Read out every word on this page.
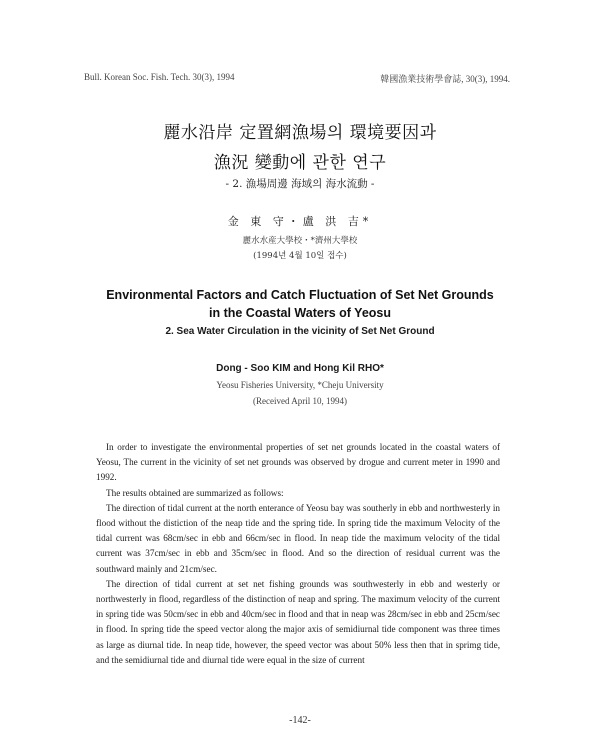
Bull. Korean Soc. Fish. Tech. 30(3), 1994	韓國漁業技術學會誌, 30(3), 1994.
麗水沿岸 定置網漁場의 環境要因과
漁況 變動에 관한 연구
- 2. 漁場周邊 海域의 海水流動 -
金 東 守・盧 洪 吉*
麗水水産大學校・*濟州大學校
(1994년 4월 10일 접수)
Environmental Factors and Catch Fluctuation of Set Net Grounds
in the Coastal Waters of Yeosu
2. Sea Water Circulation in the vicinity of Set Net Ground
Dong - Soo KIM and Hong Kil RHO*
Yeosu Fisheries University, *Cheju University
(Received April 10, 1994)

In order to investigate the environmental properties of set net grounds located in the coastal waters of Yeosu, The current in the vicinity of set net grounds was observed by drogue and current meter in 1990 and 1992.

The results obtained are summarized as follows:

The direction of tidal current at the north enterance of Yeosu bay was southerly in ebb and northwesterly in flood without the distiction of the neap tide and the spring tide. In spring tide the maximum Velocity of the tidal current was 68cm/sec in ebb and 66cm/sec in flood. In neap tide the maximum velocity of the tidal current was 37cm/sec in ebb and 35cm/sec in flood. And so the direction of residual current was the southward mainly and 21cm/sec.

The direction of tidal current at set net fishing grounds was southwesterly in ebb and westerly or northwesterly in flood, regardless of the distinction of neap and spring. The maximum velocity of the current in spring tide was 50cm/sec in ebb and 40cm/sec in flood and that in neap was 28cm/sec in ebb and 25cm/sec in flood. In spring tide the speed vector along the major axis of semidiurnal tide component was three times as large as diurnal tide. In neap tide, however, the speed vector was about 50% less then that in sprimg tide, and the semidiurnal tide and diurnal tide were equal in the size of current

-142-
